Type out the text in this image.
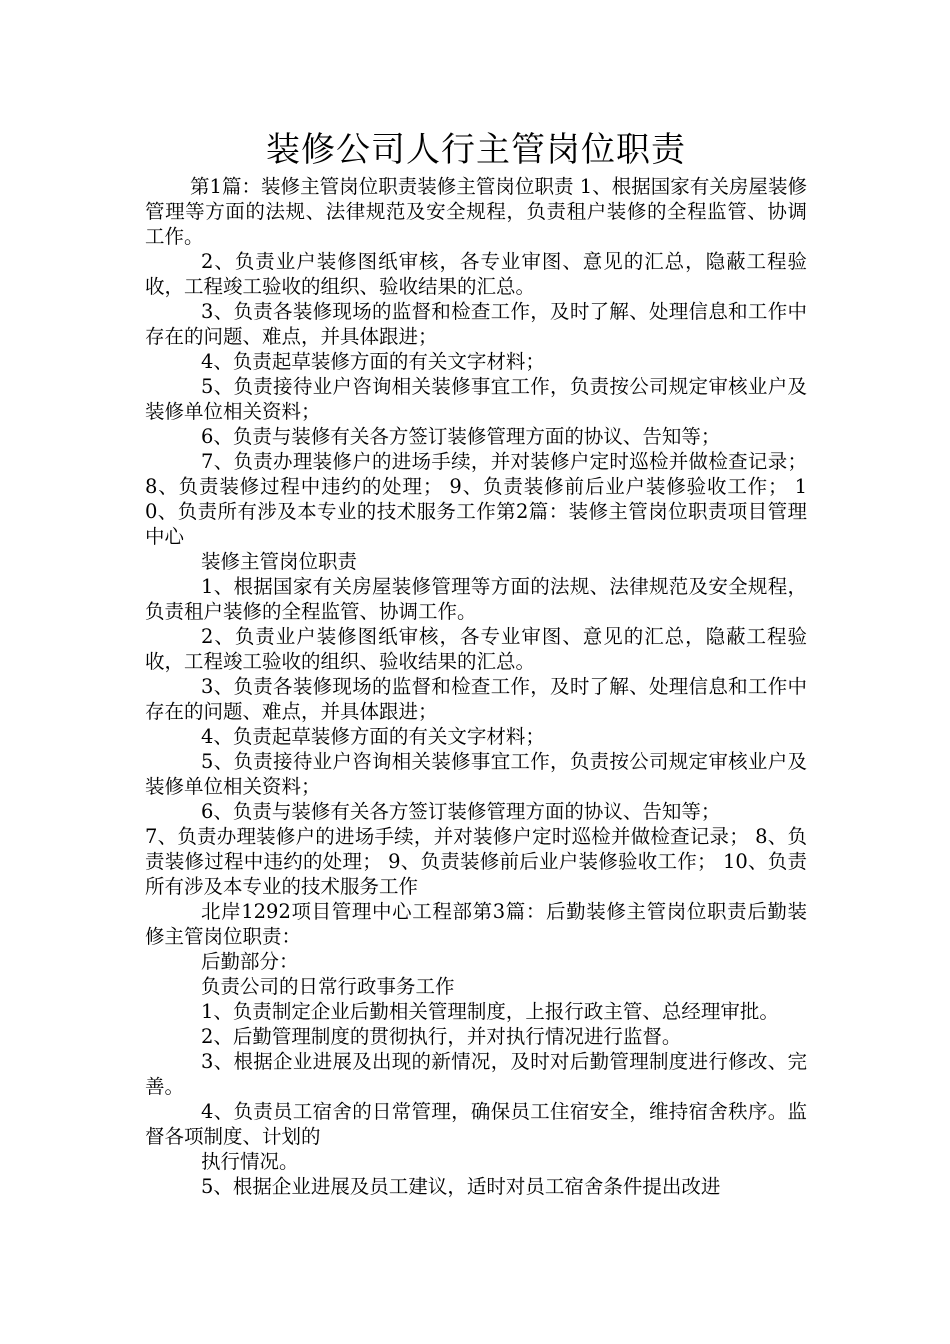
装修公司人行主管岗位职责

第1篇：装修主管岗位职责装修主管岗位职责 1、根据国家有关房屋装修管理等方面的法规、法律规范及安全规程，负责租户装修的全程监管、协调工作。

2、负责业户装修图纸审核，各专业审图、意见的汇总，隐蔽工程验收，工程竣工验收的组织、验收结果的汇总。

3、负责各装修现场的监督和检查工作，及时了解、处理信息和工作中存在的问题、难点，并具体跟进；

4、负责起草装修方面的有关文字材料；

5、负责接待业户咨询相关装修事宜工作，负责按公司规定审核业户及装修单位相关资料；

6、负责与装修有关各方签订装修管理方面的协议、告知等；

7、负责办理装修户的进场手续，并对装修户定时巡检并做检查记录； 8、负责装修过程中违约的处理； 9、负责装修前后业户装修验收工作； 10、负责所有涉及本专业的技术服务工作第2篇：装修主管岗位职责项目管理中心

装修主管岗位职责

1、根据国家有关房屋装修管理等方面的法规、法律规范及安全规程，负责租户装修的全程监管、协调工作。

2、负责业户装修图纸审核，各专业审图、意见的汇总，隐蔽工程验收，工程竣工验收的组织、验收结果的汇总。

3、负责各装修现场的监督和检查工作，及时了解、处理信息和工作中存在的问题、难点，并具体跟进；

4、负责起草装修方面的有关文字材料；

5、负责接待业户咨询相关装修事宜工作，负责按公司规定审核业户及装修单位相关资料；

6、负责与装修有关各方签订装修管理方面的协议、告知等；

7、负责办理装修户的进场手续，并对装修户定时巡检并做检查记录； 8、负责装修过程中违约的处理； 9、负责装修前后业户装修验收工作； 10、负责所有涉及本专业的技术服务工作

北岸1292项目管理中心工程部第3篇：后勤装修主管岗位职责后勤装修主管岗位职责：

后勤部分：

负责公司的日常行政事务工作

1、负责制定企业后勤相关管理制度，上报行政主管、总经理审批。

2、后勤管理制度的贯彻执行，并对执行情况进行监督。

3、根据企业进展及出现的新情况，及时对后勤管理制度进行修改、完善。

4、负责员工宿舍的日常管理，确保员工住宿安全，维持宿舍秩序。监督各项制度、计划的

执行情况。

5、根据企业进展及员工建议，适时对员工宿舍条件提出改进
